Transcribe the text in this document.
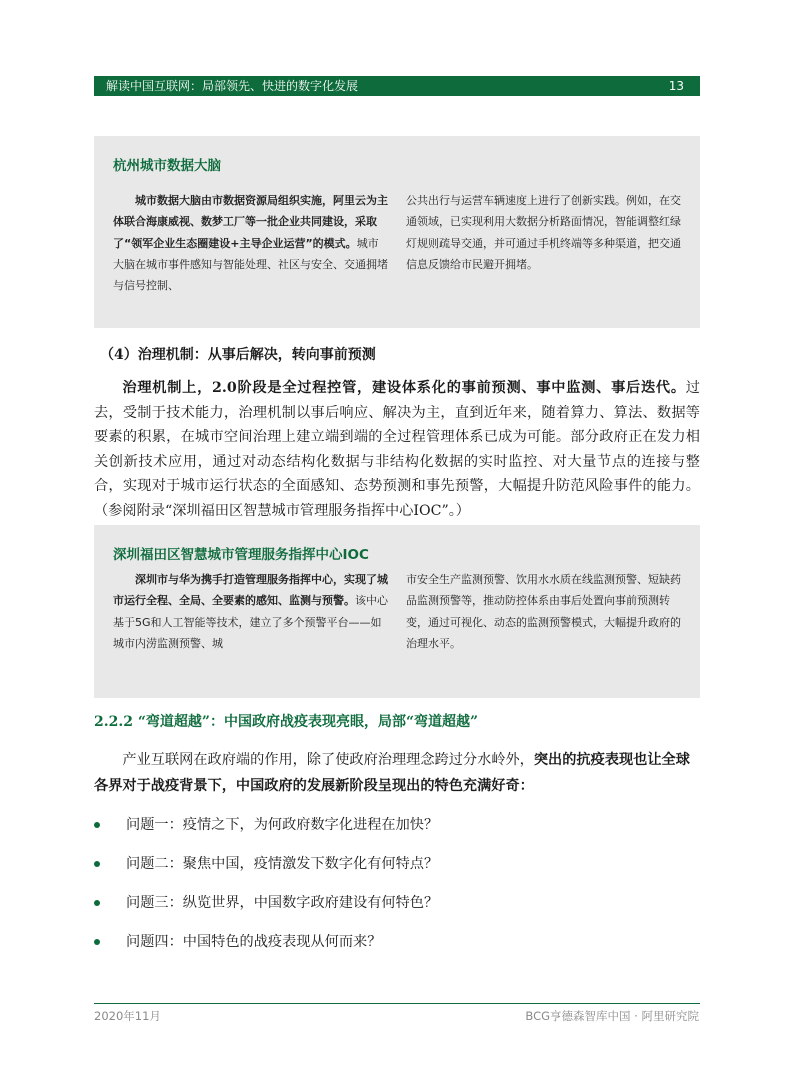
解读中国互联网：局部领先、快进的数字化发展	13
杭州城市数据大脑
城市数据大脑由市数据资源局组织实施，阿里云为主体联合海康威视、数梦工厂等一批企业共同建设，采取了“领军企业生态圈建设+主导企业运营”的模式。城市大脑在城市事件感知与智能处理、社区与安全、交通拥堵与信号控制、
公共出行与运营车辆速度上进行了创新实践。例如，在交通领域，已实现利用大数据分析路面情况，智能调整红绿灯规则疏导交通，并可通过手机终端等多种渠道，把交通信息反馈给市民避开拥堵。
（4）治理机制：从事后解决，转向事前预测
治理机制上，2.0阶段是全过程控管，建设体系化的事前预测、事中监测、事后迭代。过去，受制于技术能力，治理机制以事后响应、解决为主，直到近年来，随着算力、算法、数据等要素的积累，在城市空间治理上建立端到端的全过程管理体系已成为可能。部分政府正在发力相关创新技术应用，通过对动态结构化数据与非结构化数据的实时监控、对大量节点的连接与整合，实现对于城市运行状态的全面感知、态势预测和事先预警，大幅提升防范风险事件的能力。（参阅附录“深圳福田区智慧城市管理服务指挥中心IOC”。）
深圳福田区智慧城市管理服务指挥中心IOC
深圳市与华为携手打造管理服务指挥中心，实现了城市运行全程、全局、全要素的感知、监测与预警。该中心基于5G和人工智能等技术，建立了多个预警平台——如城市内涝监测预警、城
市安全生产监测预警、饮用水水质在线监测预警、短缺药品监测预警等，推动防控体系由事后处置向事前预测转变，通过可视化、动态的监测预警模式，大幅提升政府的治理水平。
2.2.2 “弯道超越”：中国政府战疫表现亮眼，局部“弯道超越”
产业互联网在政府端的作用，除了使政府治理理念跨过分水岭外，突出的抗疫表现也让全球各界对于战疫背景下，中国政府的发展新阶段呈现出的特色充满好奇：
问题一：疫情之下，为何政府数字化进程在加快？
问题二：聚焦中国，疫情激发下数字化有何特点？
问题三：纵览世界，中国数字政府建设有何特色？
问题四：中国特色的战疫表现从何而来？
2020年11月	BCG亨德森智库中国 · 阿里研究院
